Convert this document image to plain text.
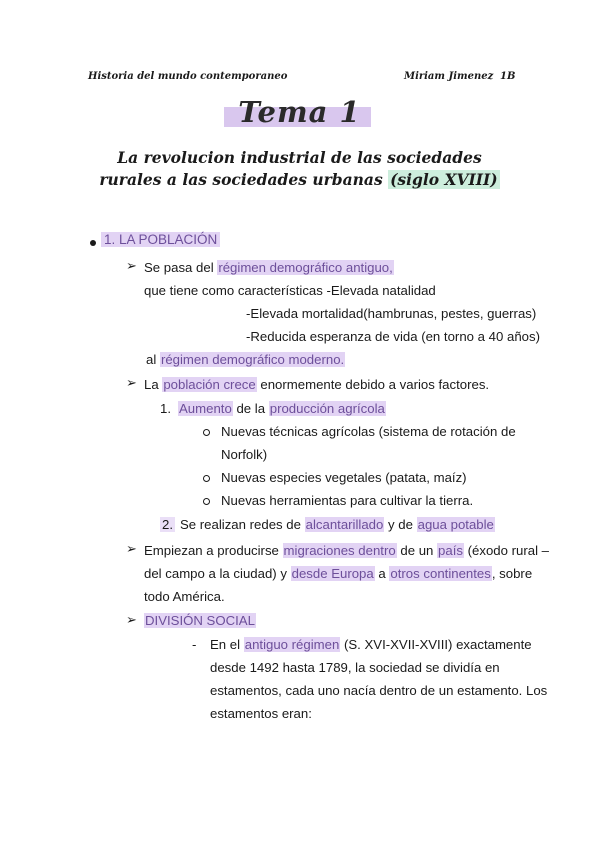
Historia del mundo contemporaneo	Miriam Jimenez 1B
Tema 1
La revolucion industrial de las sociedades
rurales a las sociedades urbanas (siglo XVIII)
1. LA POBLACIÓN
➢ Se pasa del régimen demográfico antiguo,
que tiene como características -Elevada natalidad
-Elevada mortalidad(hambrunas, pestes, guerras)
-Reducida esperanza de vida (en torno a 40 años)
al régimen demográfico moderno.
➢ La población crece enormemente debido a varios factores.
1. Aumento de la producción agrícola
Nuevas técnicas agrícolas (sistema de rotación de
Norfolk)
Nuevas especies vegetales (patata, maíz)
Nuevas herramientas para cultivar la tierra.
2. Se realizan redes de alcantarillado y de agua potable
➢ Empiezan a producirse migraciones dentro de un país (éxodo rural –
del campo a la ciudad) y desde Europa a otros continentes, sobre
todo América.
➢ DIVISIÓN SOCIAL
- En el antiguo régimen (S. XVI-XVII-XVIII) exactamente
desde 1492 hasta 1789, la sociedad se dividía en
estamentos, cada uno nacía dentro de un estamento. Los
estamentos eran:
